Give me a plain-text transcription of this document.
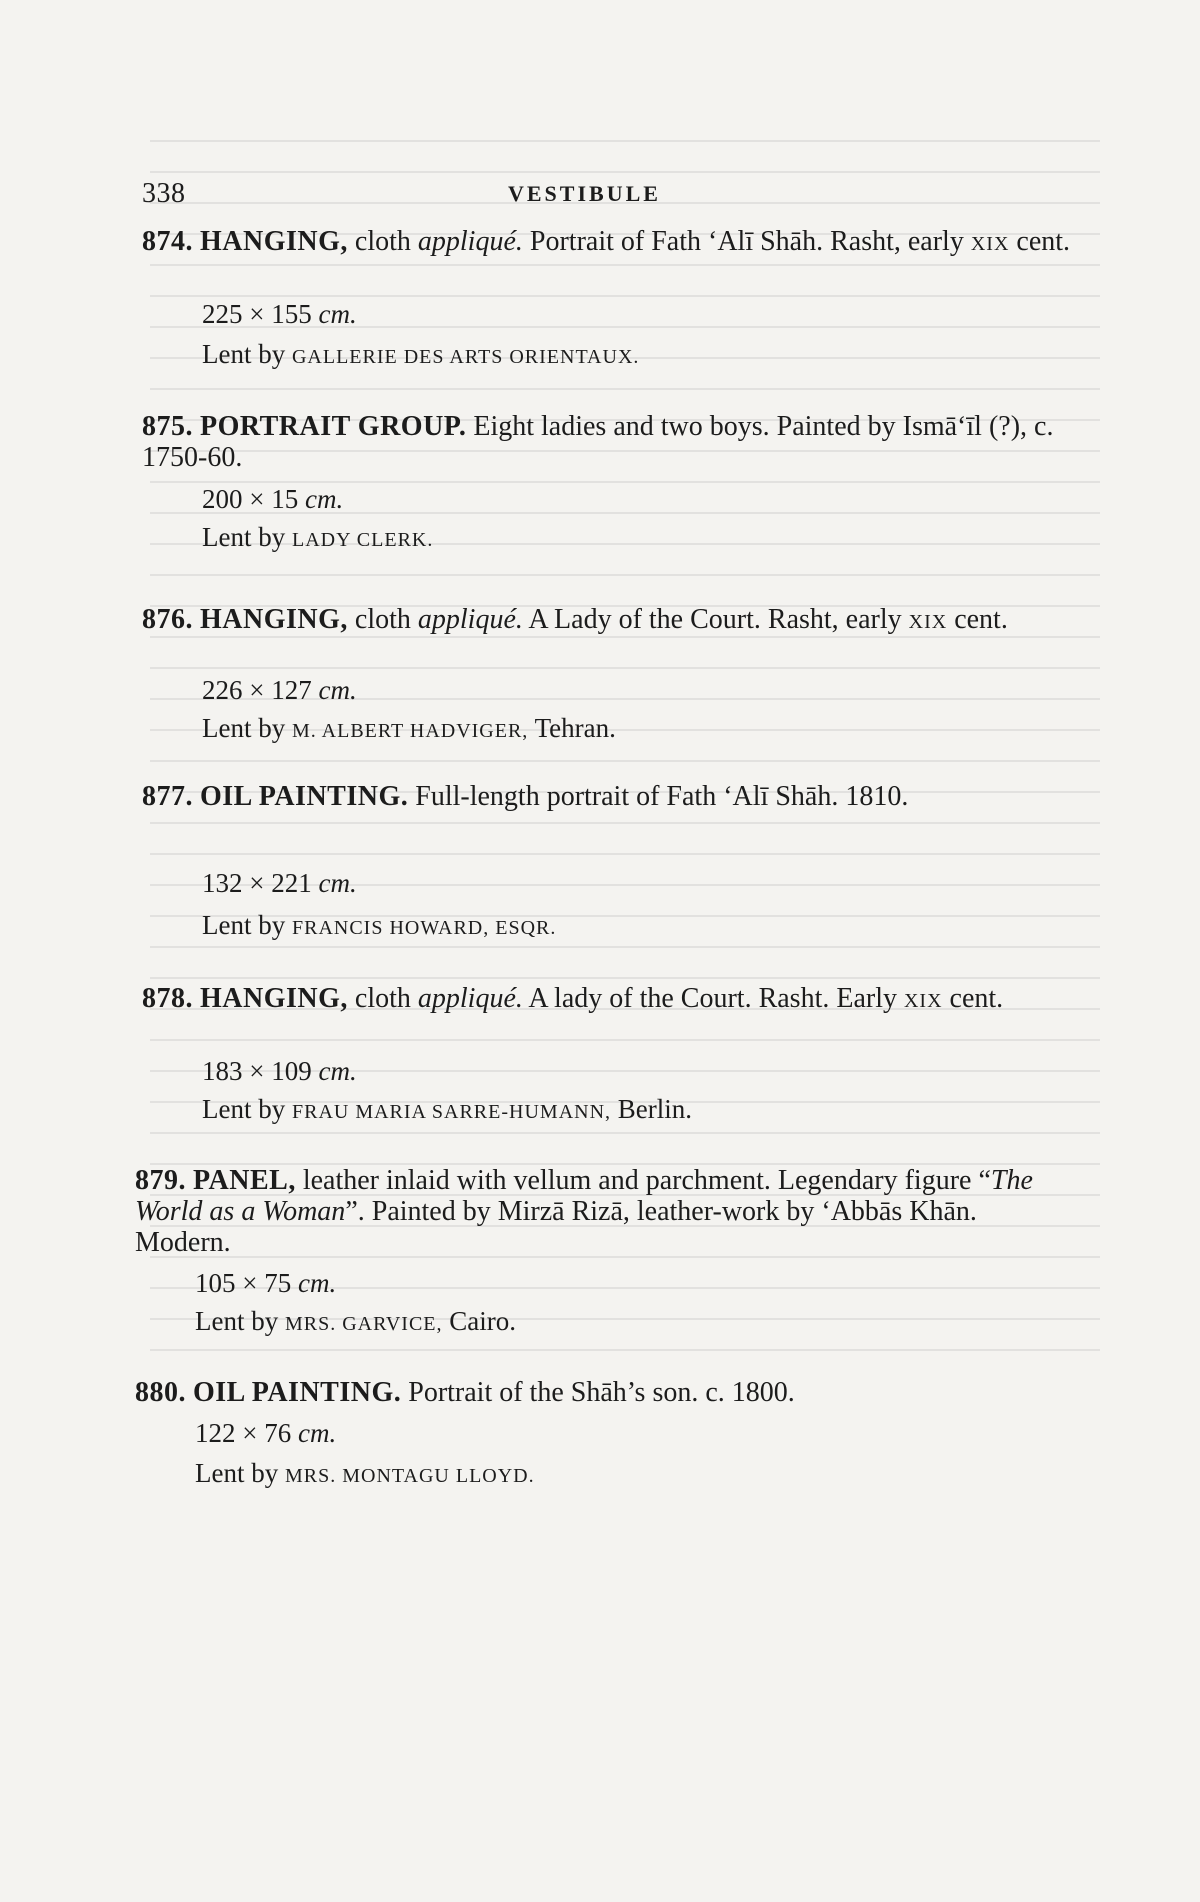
338	VESTIBULE

874. HANGING, cloth appliqué. Portrait of Fath ‘Alī Shāh. Rasht, early XIX cent.

225 × 155 cm.

Lent by GALLERIE DES ARTS ORIENTAUX.

875. PORTRAIT GROUP. Eight ladies and two boys. Painted by Ismā‘īl (?), c. 1750-60.

200 × 15 cm.

Lent by LADY CLERK.

876. HANGING, cloth appliqué. A Lady of the Court. Rasht, early XIX cent.

226 × 127 cm.

Lent by M. ALBERT HADVIGER, Tehran.

877. OIL PAINTING. Full-length portrait of Fath ‘Alī Shāh. 1810.

132 × 221 cm.

Lent by FRANCIS HOWARD, ESQR.

878. HANGING, cloth appliqué. A lady of the Court. Rasht. Early XIX cent.

183 × 109 cm.

Lent by FRAU MARIA SARRE-HUMANN, Berlin.

879. PANEL, leather inlaid with vellum and parchment. Legendary figure “The World as a Woman”. Painted by Mirzā Rizā, leather-work by ‘Abbās Khān. Modern.

105 × 75 cm.

Lent by MRS. GARVICE, Cairo.

880. OIL PAINTING. Portrait of the Shāh’s son. c. 1800.

122 × 76 cm.

Lent by MRS. MONTAGU LLOYD.
